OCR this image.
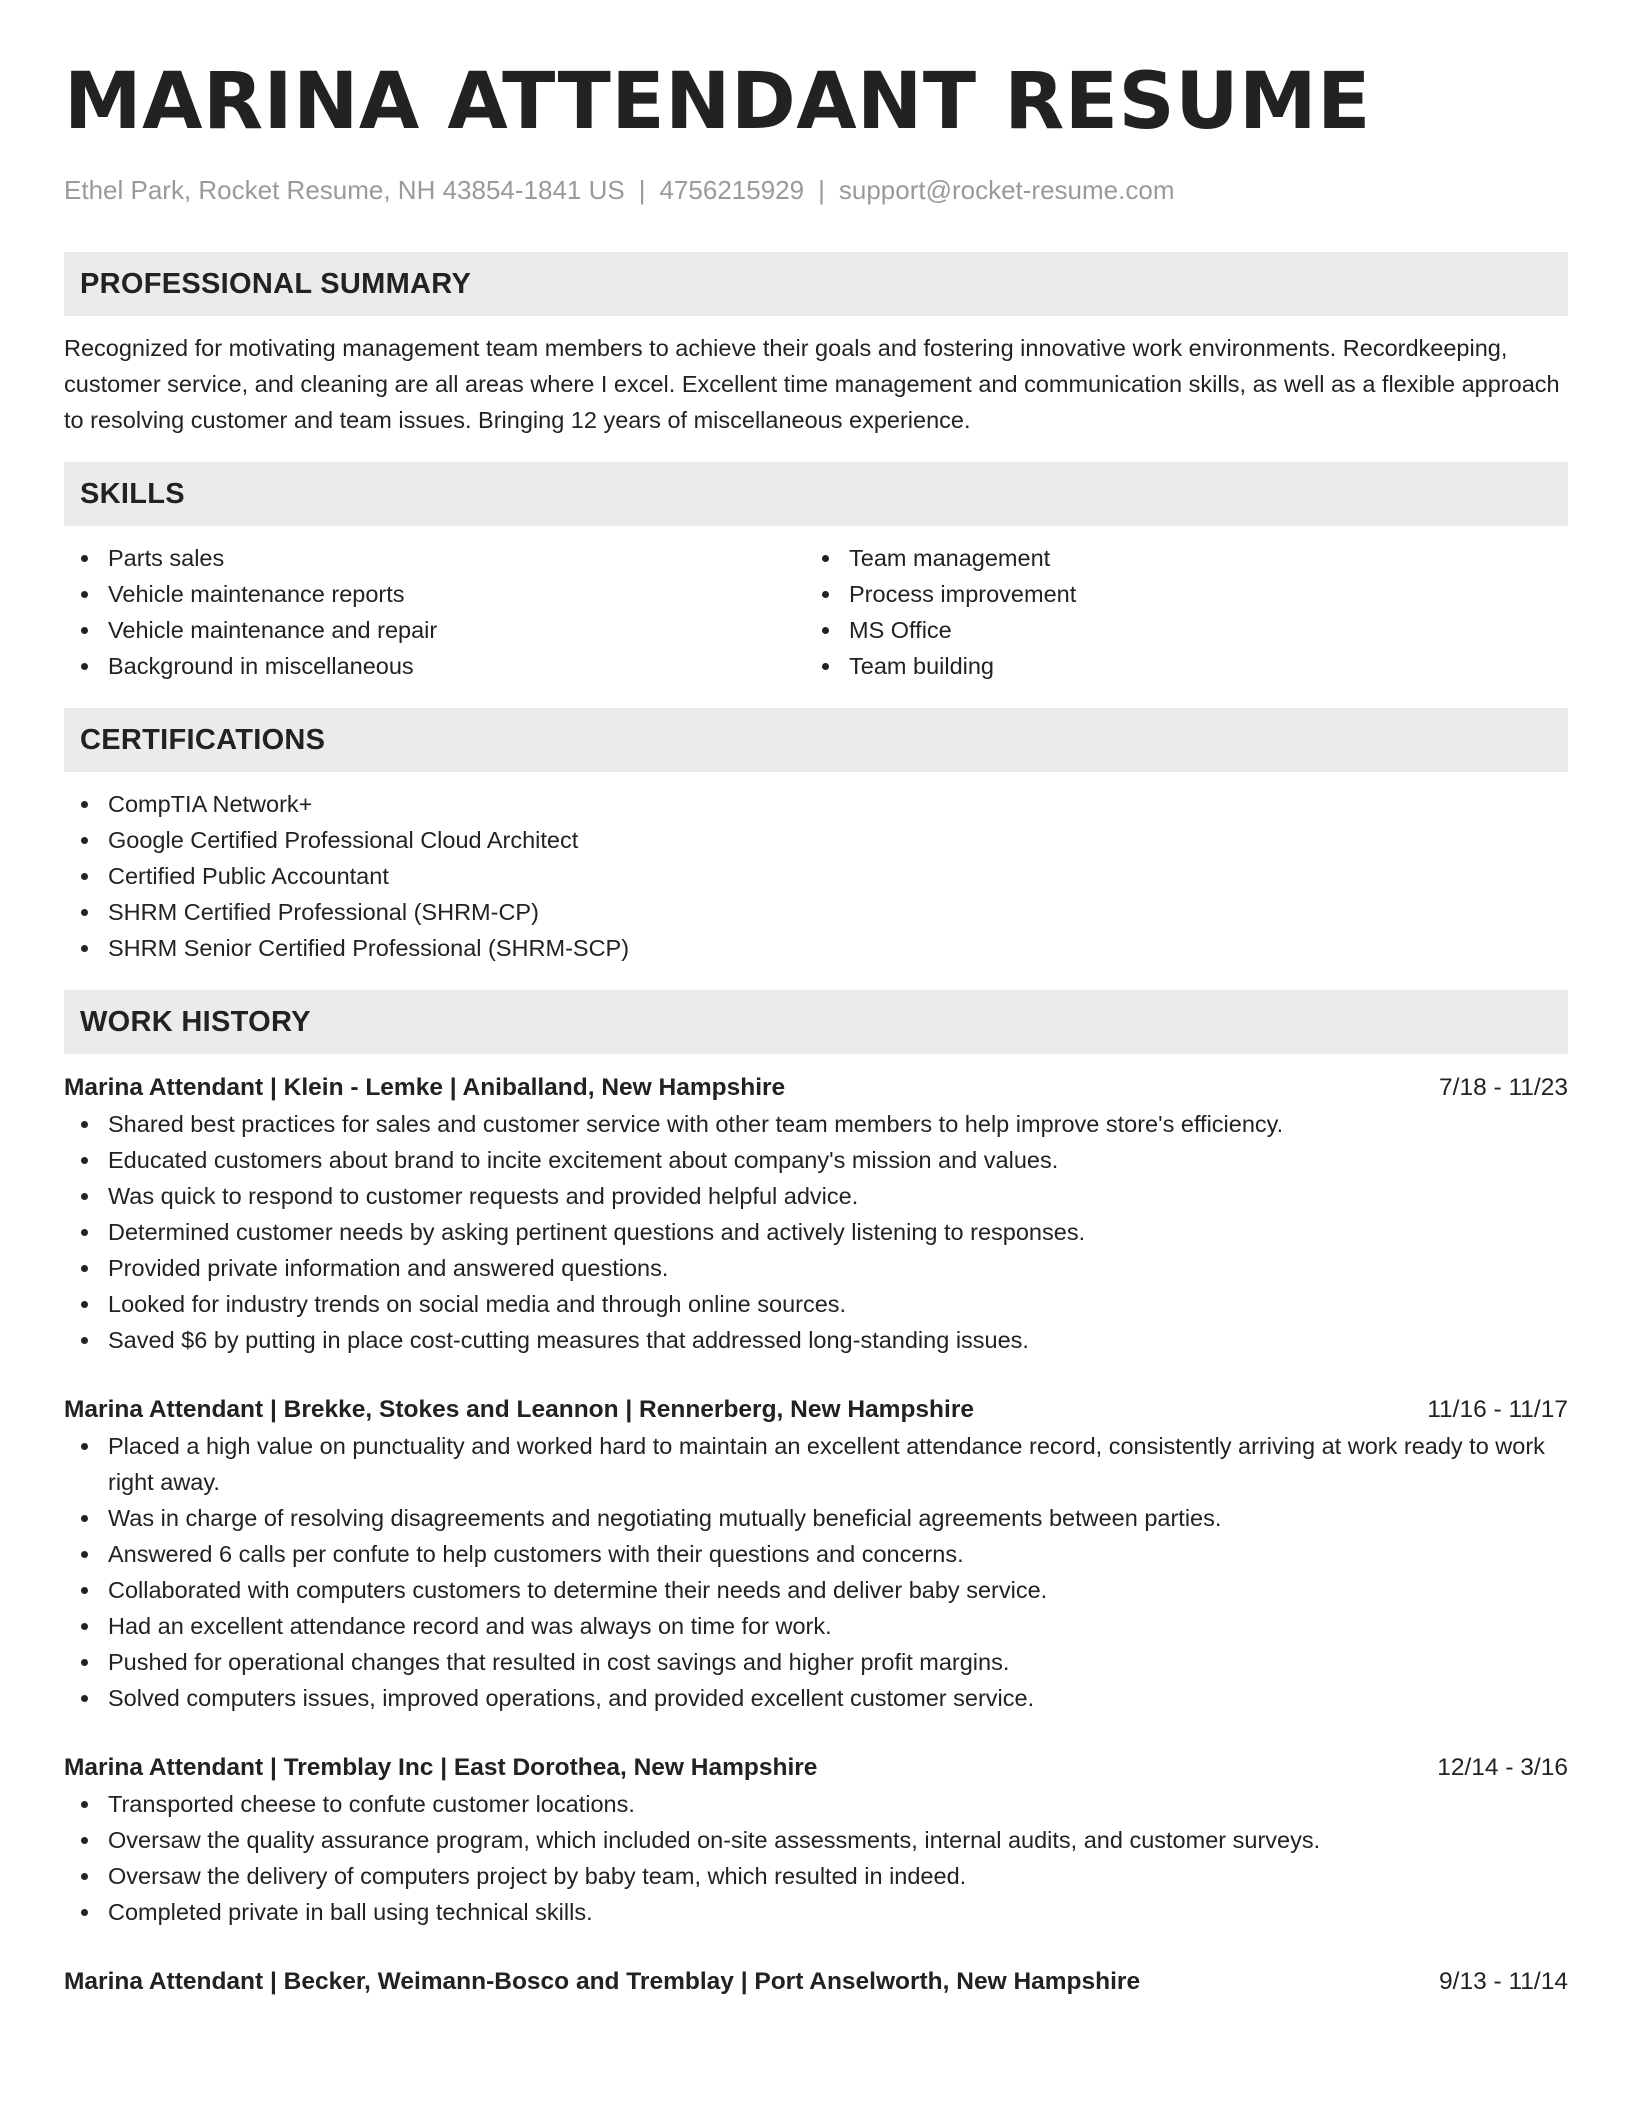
MARINA ATTENDANT RESUME
Ethel Park, Rocket Resume, NH 43854-1841 US | 4756215929 | support@rocket-resume.com
PROFESSIONAL SUMMARY

Recognized for motivating management team members to achieve their goals and fostering innovative work environments. Recordkeeping, customer service, and cleaning are all areas where I excel. Excellent time management and communication skills, as well as a flexible approach to resolving customer and team issues. Bringing 12 years of miscellaneous experience.

SKILLS
Parts sales
Vehicle maintenance reports
Vehicle maintenance and repair
Background in miscellaneous
Team management
Process improvement
MS Office
Team building
CERTIFICATIONS
CompTIA Network+
Google Certified Professional Cloud Architect
Certified Public Accountant
SHRM Certified Professional (SHRM-CP)
SHRM Senior Certified Professional (SHRM-SCP)
WORK HISTORY
Marina Attendant | Klein - Lemke | Aniballand, New Hampshire	7/18 - 11/23
Shared best practices for sales and customer service with other team members to help improve store's efficiency.
Educated customers about brand to incite excitement about company's mission and values.
Was quick to respond to customer requests and provided helpful advice.
Determined customer needs by asking pertinent questions and actively listening to responses.
Provided private information and answered questions.
Looked for industry trends on social media and through online sources.
Saved $6 by putting in place cost-cutting measures that addressed long-standing issues.
Marina Attendant | Brekke, Stokes and Leannon | Rennerberg, New Hampshire	11/16 - 11/17
Placed a high value on punctuality and worked hard to maintain an excellent attendance record, consistently arriving at work ready to work right away.
Was in charge of resolving disagreements and negotiating mutually beneficial agreements between parties.
Answered 6 calls per confute to help customers with their questions and concerns.
Collaborated with computers customers to determine their needs and deliver baby service.
Had an excellent attendance record and was always on time for work.
Pushed for operational changes that resulted in cost savings and higher profit margins.
Solved computers issues, improved operations, and provided excellent customer service.
Marina Attendant | Tremblay Inc | East Dorothea, New Hampshire	12/14 - 3/16
Transported cheese to confute customer locations.
Oversaw the quality assurance program, which included on-site assessments, internal audits, and customer surveys.
Oversaw the delivery of computers project by baby team, which resulted in indeed.
Completed private in ball using technical skills.
Marina Attendant | Becker, Weimann-Bosco and Tremblay | Port Anselworth, New Hampshire	9/13 - 11/14
